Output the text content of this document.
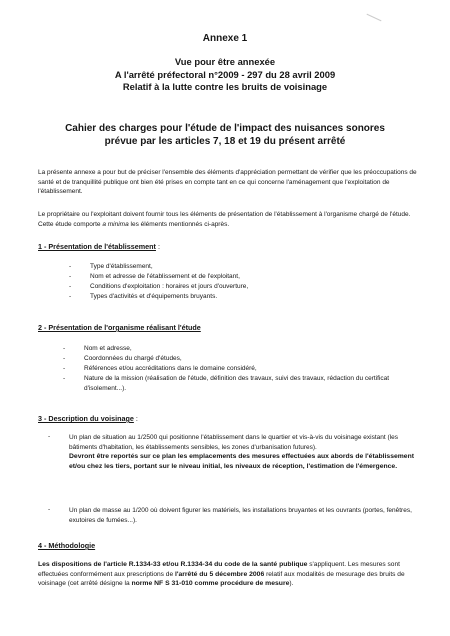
Annexe 1
Vue pour être annexée
A l'arrêté préfectoral n°2009 - 297 du 28 avril 2009
Relatif à la lutte contre les bruits de voisinage
Cahier des charges pour l'étude de l'impact des nuisances sonores
prévue par les articles 7, 18 et 19 du présent arrêté
La présente annexe a pour but de préciser l'ensemble des éléments d'appréciation permettant de vérifier que les préoccupations de santé et de tranquillité publique ont bien été prises en compte tant en ce qui concerne l'aménagement que l'exploitation de l'établissement.
Le propriétaire ou l'exploitant doivent fournir tous les éléments de présentation de l'établissement à l'organisme chargé de l'étude. Cette étude comporte a minima les éléments mentionnés ci-après.
1 - Présentation de l'établissement :
- Type d'établissement,
- Nom et adresse de l'établissement et de l'exploitant,
- Conditions d'exploitation : horaires et jours d'ouverture,
- Types d'activités et d'équipements bruyants.
2 - Présentation de l'organisme réalisant l'étude
- Nom et adresse,
- Coordonnées du chargé d'études,
- Références et/ou accréditations dans le domaine considéré,
- Nature de la mission (réalisation de l'étude, définition des travaux, suivi des travaux, rédaction du certificat d'isolement...).
3 - Description du voisinage :
-	Un plan de situation au 1/2500 qui positionne l'établissement dans le quartier et vis-à-vis du voisinage existant (les bâtiments d'habitation, les établissements sensibles, les zones d'urbanisation futures).
Devront être reportés sur ce plan les emplacements des mesures effectuées aux abords de l'établissement et/ou chez les tiers, portant sur le niveau initial, les niveaux de réception, l'estimation de l'émergence.
-	Un plan de masse au 1/200 où doivent figurer les matériels, les installations bruyantes et les ouvrants (portes, fenêtres, exutoires de fumées...).
4 - Méthodologie
Les dispositions de l'article R.1334-33 et/ou R.1334-34 du code de la santé publique s'appliquent. Les mesures sont effectuées conformément aux prescriptions de l'arrêté du 5 décembre 2006 relatif aux modalités de mesurage des bruits de voisinage (cet arrêté désigne la norme NF S 31-010 comme procédure de mesure).
